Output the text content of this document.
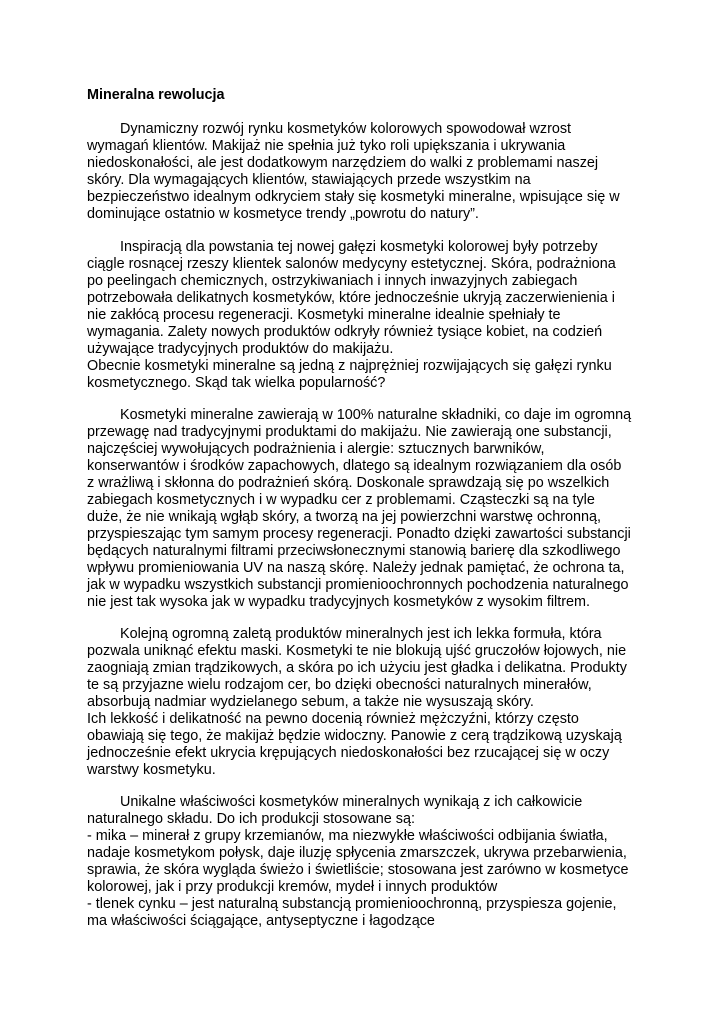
Mineralna rewolucja
Dynamiczny rozwój rynku kosmetyków kolorowych spowodował wzrost
wymagań klientów. Makijaż nie spełnia już tyko roli upiększania i ukrywania
niedoskonałości, ale jest dodatkowym narzędziem do walki z problemami naszej
skóry. Dla wymagających klientów, stawiających przede wszystkim na
bezpieczeństwo idealnym odkryciem stały się kosmetyki mineralne, wpisujące się w
dominujące ostatnio w kosmetyce trendy „powrotu do natury”.
Inspiracją dla powstania tej nowej gałęzi kosmetyki kolorowej były potrzeby
ciągle rosnącej rzeszy klientek salonów medycyny estetycznej. Skóra, podrażniona
po peelingach chemicznych, ostrzykiwaniach i innych inwazyjnych zabiegach
potrzebowała delikatnych kosmetyków, które jednocześnie ukryją zaczerwienienia i
nie zakłócą procesu regeneracji. Kosmetyki mineralne idealnie spełniały te
wymagania. Zalety nowych produktów odkryły również tysiące kobiet, na codzień
używające tradycyjnych produktów do makijażu.
Obecnie kosmetyki mineralne są jedną z najprężniej rozwijających się gałęzi rynku
kosmetycznego. Skąd tak wielka popularność?
Kosmetyki mineralne zawierają w 100% naturalne składniki, co daje im ogromną
przewagę nad tradycyjnymi produktami do makijażu. Nie zawierają one substancji,
najczęściej wywołujących podrażnienia i alergie: sztucznych barwników,
konserwantów i środków zapachowych, dlatego są idealnym rozwiązaniem dla osób
z wrażliwą i skłonna do podrażnień skórą. Doskonale sprawdzają się po wszelkich
zabiegach kosmetycznych i w wypadku cer z problemami. Cząsteczki są na tyle
duże, że nie wnikają wgłąb skóry, a tworzą na jej powierzchni warstwę ochronną,
przyspieszając tym samym procesy regeneracji. Ponadto dzięki zawartości substancji
będących naturalnymi filtrami przeciwsłonecznymi stanowią barierę dla szkodliwego
wpływu promieniowania UV na naszą skórę. Należy jednak pamiętać, że ochrona ta,
jak w wypadku wszystkich substancji promienioochronnych pochodzenia naturalnego
nie jest tak wysoka jak w wypadku tradycyjnych kosmetyków z wysokim filtrem.
Kolejną ogromną zaletą produktów mineralnych jest ich lekka formuła, która
pozwala uniknąć efektu maski. Kosmetyki te nie blokują ujść gruczołów łojowych, nie
zaogniają zmian trądzikowych, a skóra po ich użyciu jest gładka i delikatna. Produkty
te są przyjazne wielu rodzajom cer, bo dzięki obecności naturalnych minerałów,
absorbują nadmiar wydzielanego sebum, a także nie wysuszają skóry.
Ich lekkość i delikatność na pewno docenią również mężczyźni, którzy często
obawiają się tego, że makijaż będzie widoczny. Panowie z cerą trądzikową uzyskają
jednocześnie efekt ukrycia krępujących niedoskonałości bez rzucającej się w oczy
warstwy kosmetyku.
Unikalne właściwości kosmetyków mineralnych wynikają z ich całkowicie
naturalnego składu. Do ich produkcji stosowane są:
- mika – minerał z grupy krzemianów, ma niezwykłe właściwości odbijania światła,
nadaje kosmetykom połysk, daje iluzję spłycenia zmarszczek, ukrywa przebarwienia,
sprawia, że skóra wygląda świeżo i świetliście; stosowana jest zarówno w kosmetyce
kolorowej, jak i przy produkcji kremów, mydeł i innych produktów
- tlenek cynku – jest naturalną substancją promienioochronną, przyspiesza gojenie,
ma właściwości ściągające, antyseptyczne i łagodzące
